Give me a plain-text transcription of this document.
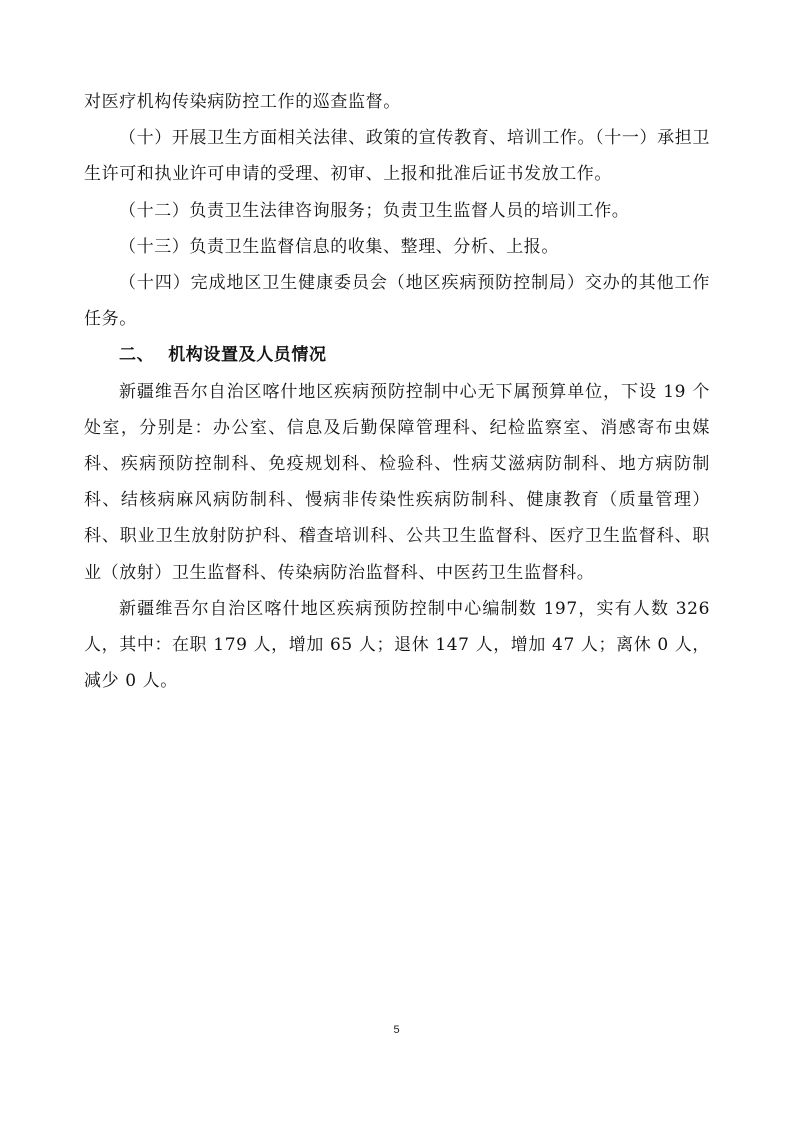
对医疗机构传染病防控工作的巡查监督。

（十）开展卫生方面相关法律、政策的宣传教育、培训工作。（十一）承担卫生许可和执业许可申请的受理、初审、上报和批准后证书发放工作。

（十二）负责卫生法律咨询服务；负责卫生监督人员的培训工作。

（十三）负责卫生监督信息的收集、整理、分析、上报。

（十四）完成地区卫生健康委员会（地区疾病预防控制局）交办的其他工作任务。

二、 机构设置及人员情况

新疆维吾尔自治区喀什地区疾病预防控制中心无下属预算单位，下设 19 个处室，分别是：办公室、信息及后勤保障管理科、纪检监察室、消感寄布虫媒科、疾病预防控制科、免疫规划科、检验科、性病艾滋病防制科、地方病防制科、结核病麻风病防制科、慢病非传染性疾病防制科、健康教育（质量管理）科、职业卫生放射防护科、稽查培训科、公共卫生监督科、医疗卫生监督科、职业（放射）卫生监督科、传染病防治监督科、中医药卫生监督科。

新疆维吾尔自治区喀什地区疾病预防控制中心编制数 197，实有人数 326 人，其中：在职 179 人，增加 65 人；退休 147 人，增加 47 人；离休 0 人，减少 0 人。

5
